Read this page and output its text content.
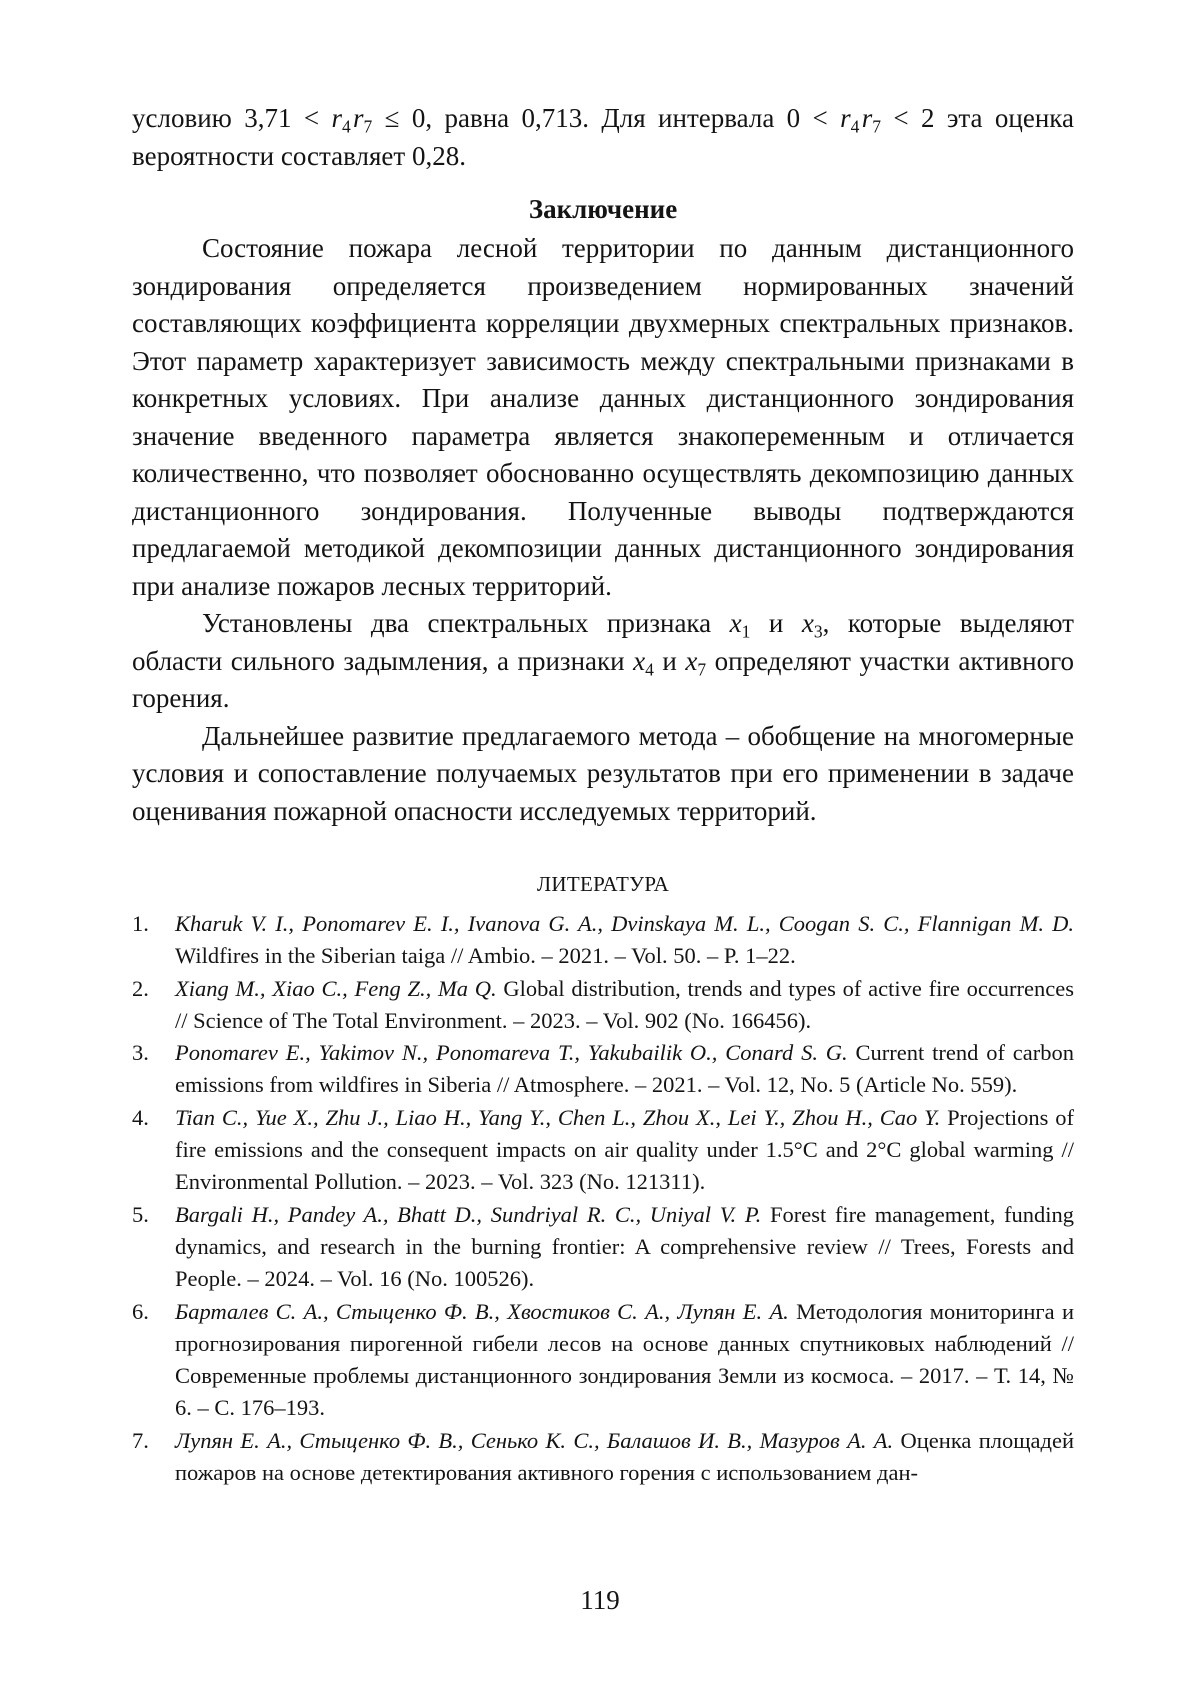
условию $3,71 < r_4$ $r_7 \le 0$, равна 0,713. Для интервала $0 < r_4$ $r_7 < 2$ эта оценка вероятности составляет 0,28.

Заключение

Состояние пожара лесной территории по данным дистанционного зондирования определяется произведением нормированных значений составляющих коэффициента корреляции двухмерных спектральных признаков. Этот параметр характеризует зависимость между спектральными признаками в конкретных условиях. При анализе данных дистанционного зондирования значение введенного параметра является знакопеременным и отличается количественно, что позволяет обоснованно осуществлять декомпозицию данных дистанционного зондирования. Полученные выводы подтверждаются предлагаемой методикой декомпозиции данных дистанционного зондирования при анализе пожаров лесных территорий.

Установлены два спектральных признака $x_1$ и $x_3$, которые выделяют области сильного задымления, а признаки $x_4$ и $x_7$ определяют участки активного горения.

Дальнейшее развитие предлагаемого метода – обобщение на многомерные условия и сопоставление получаемых результатов при его применении в задаче оценивания пожарной опасности исследуемых территорий.

ЛИТЕРАТУРА

1. Kharuk V. I., Ponomarev E. I., Ivanova G. A., Dvinskaya M. L., Coogan S. C., Flannigan M. D. Wildfires in the Siberian taiga // Ambio. – 2021. – Vol. 50. – P. 1–22.
2. Xiang M., Xiao C., Feng Z., Ma Q. Global distribution, trends and types of active fire occurrences // Science of The Total Environment. – 2023. – Vol. 902 (No. 166456).
3. Ponomarev E., Yakimov N., Ponomareva T., Yakubailik O., Conard S. G. Current trend of carbon emissions from wildfires in Siberia // Atmosphere. – 2021. – Vol. 12, No. 5 (Article No. 559).
4. Tian C., Yue X., Zhu J., Liao H., Yang Y., Chen L., Zhou X., Lei Y., Zhou H., Cao Y. Projections of fire emissions and the consequent impacts on air quality under 1.5°C and 2°C global warming // Environmental Pollution. – 2023. – Vol. 323 (No. 121311).
5. Bargali H., Pandey A., Bhatt D., Sundriyal R. C., Uniyal V. P. Forest fire management, funding dynamics, and research in the burning frontier: A comprehensive review // Trees, Forests and People. – 2024. – Vol. 16 (No. 100526).
6. Барталев С. А., Стыценко Ф. В., Хвостиков С. А., Лупян Е. А. Методология мониторинга и прогнозирования пирогенной гибели лесов на основе данных спутниковых наблюдений // Современные проблемы дистанционного зондирования Земли из космоса. – 2017. – Т. 14, № 6. – С. 176–193.
7. Лупян Е. А., Стыценко Ф. В., Сенько К. С., Балашов И. В., Мазуров А. А. Оценка площадей пожаров на основе детектирования активного горения с использованием дан-
119
